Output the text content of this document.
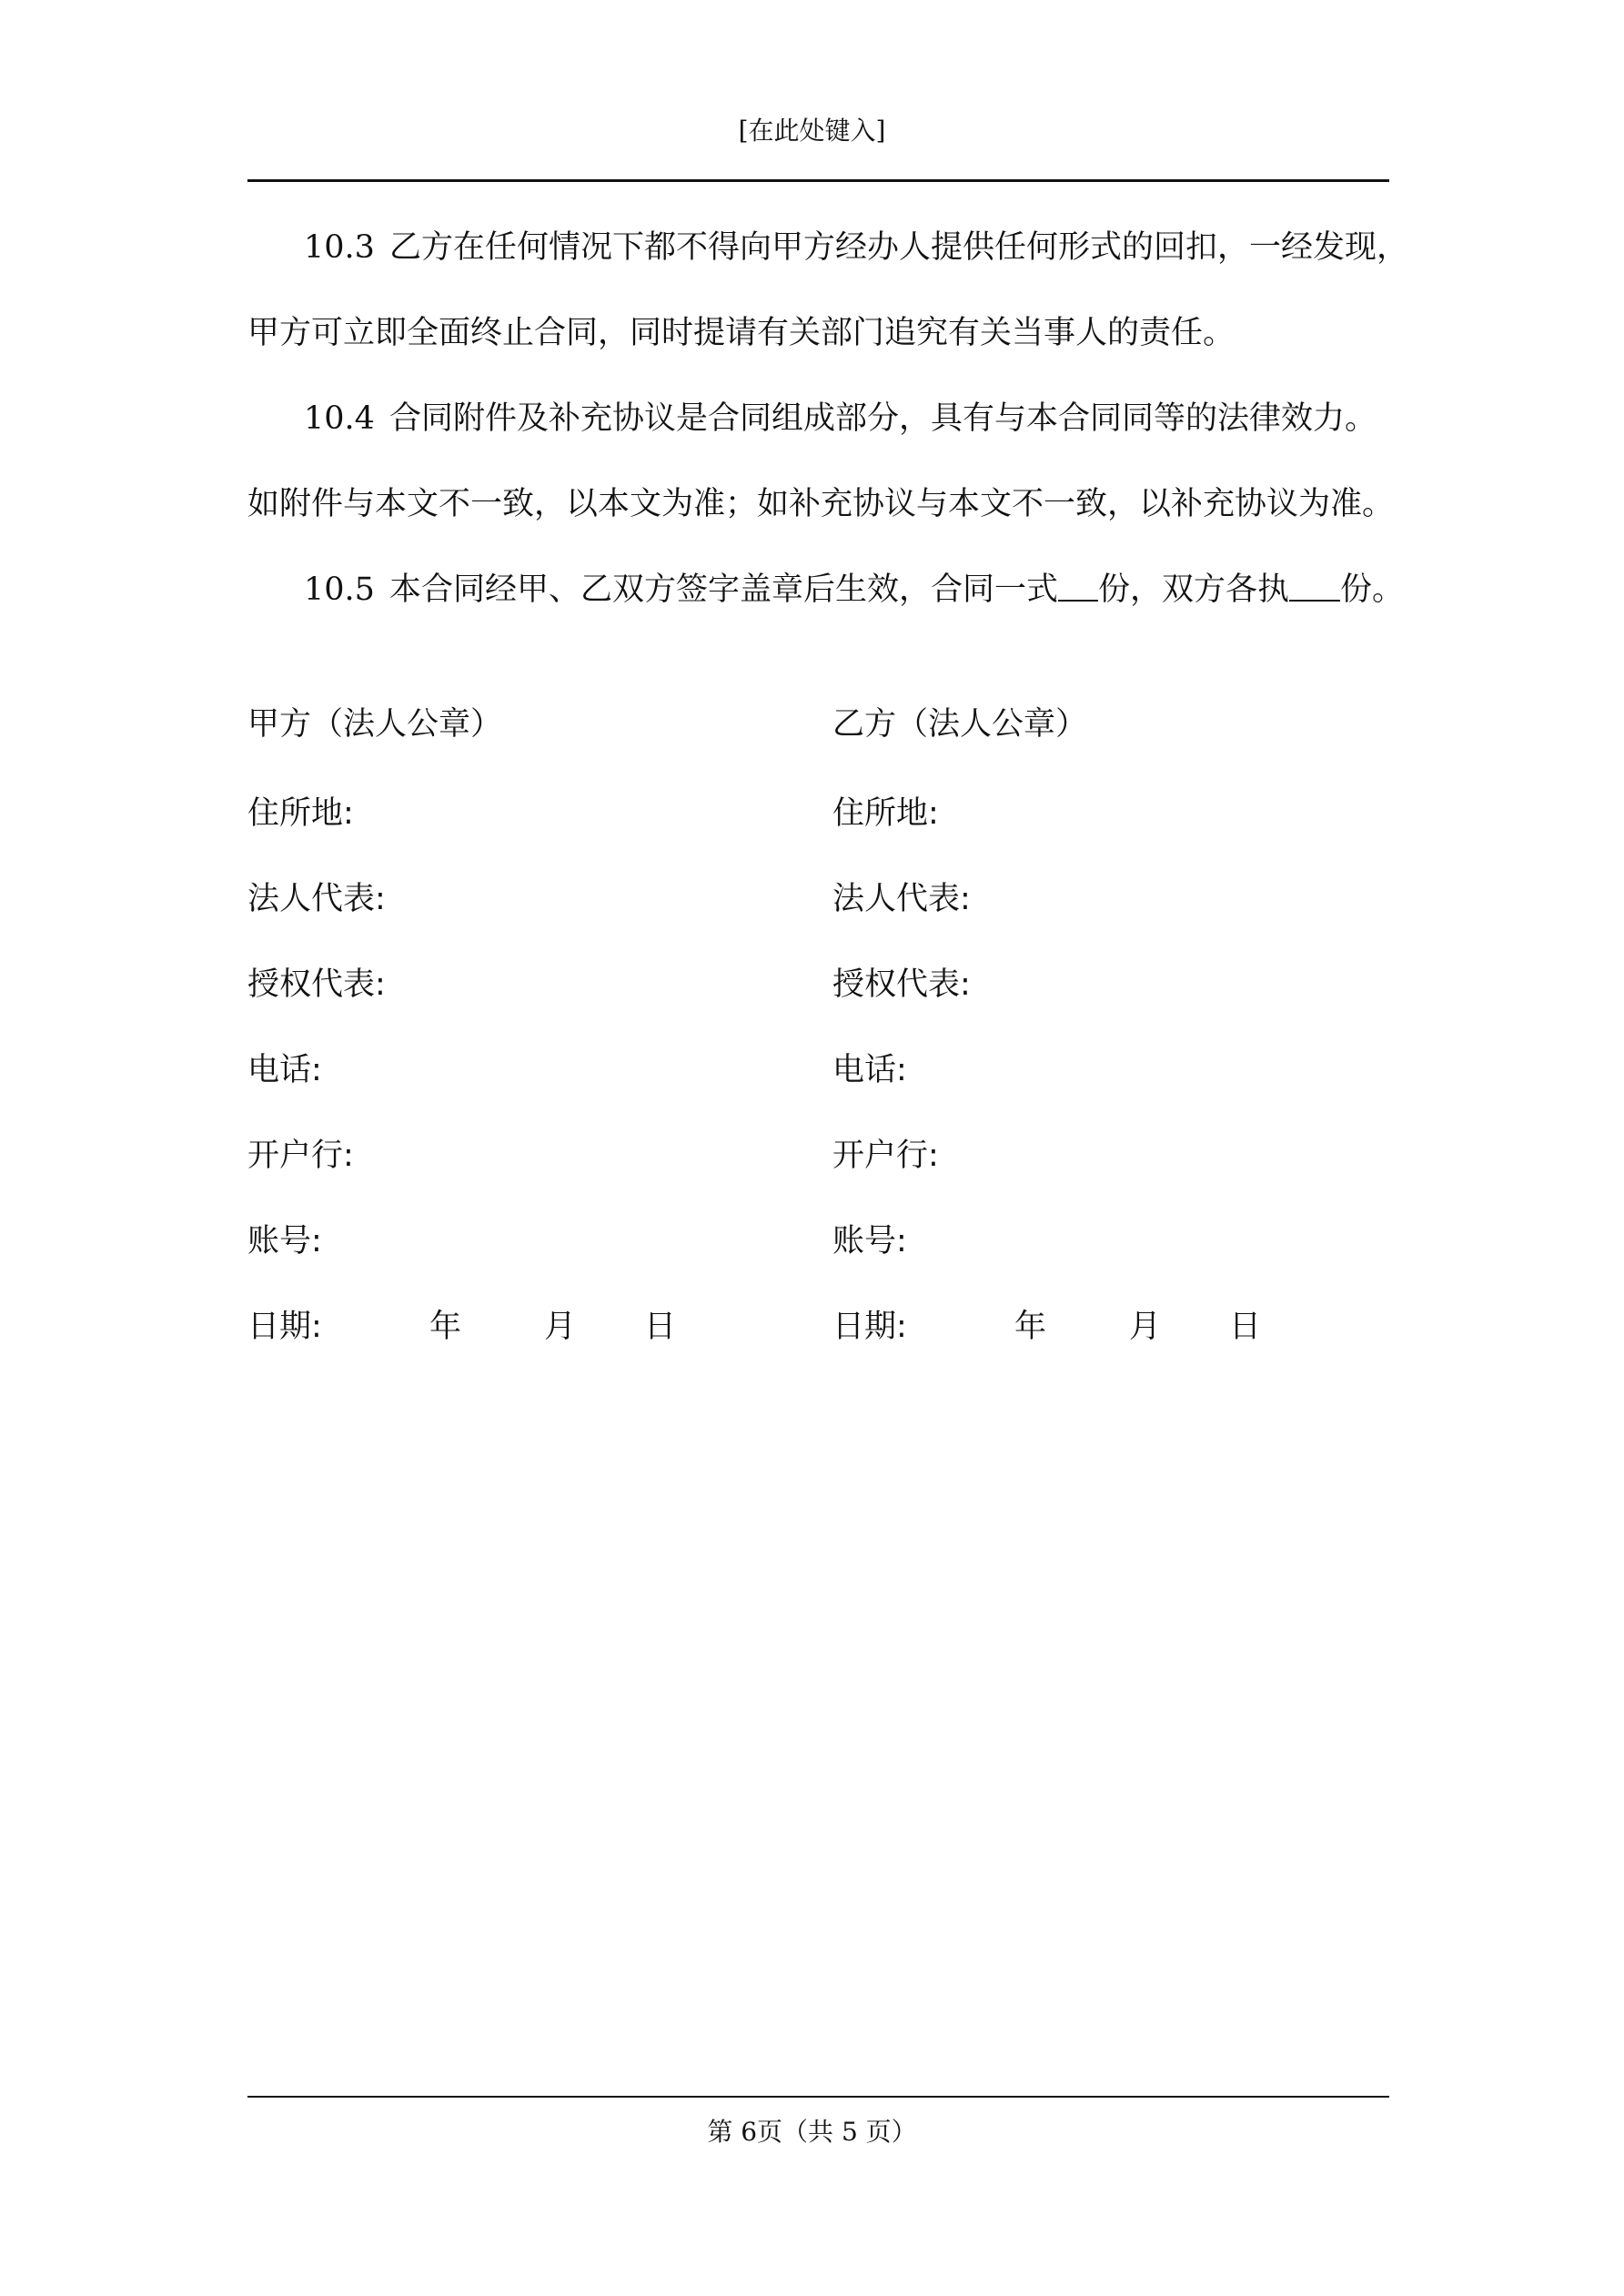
[在此处键入]
10.3 乙方在任何情况下都不得向甲方经办人提供任何形式的回扣，一经发现，
甲方可立即全面终止合同，同时提请有关部门追究有关当事人的责任。
10.4 合同附件及补充协议是合同组成部分，具有与本合同同等的法律效力。
如附件与本文不一致，以本文为准；如补充协议与本文不一致，以补充协议为准。
10.5 本合同经甲、乙双方签字盖章后生效，合同一式 份，双方各执 份。
甲方（法人公章）
住所地:
法人代表:
授权代表:
电话:
开户行:
账号:
日期:	年	月 日
乙方（法人公章）
住所地:
法人代表:
授权代表:
电话:
开户行:
账号:
日期:	年	月 日
第 6页（共 5 页）
